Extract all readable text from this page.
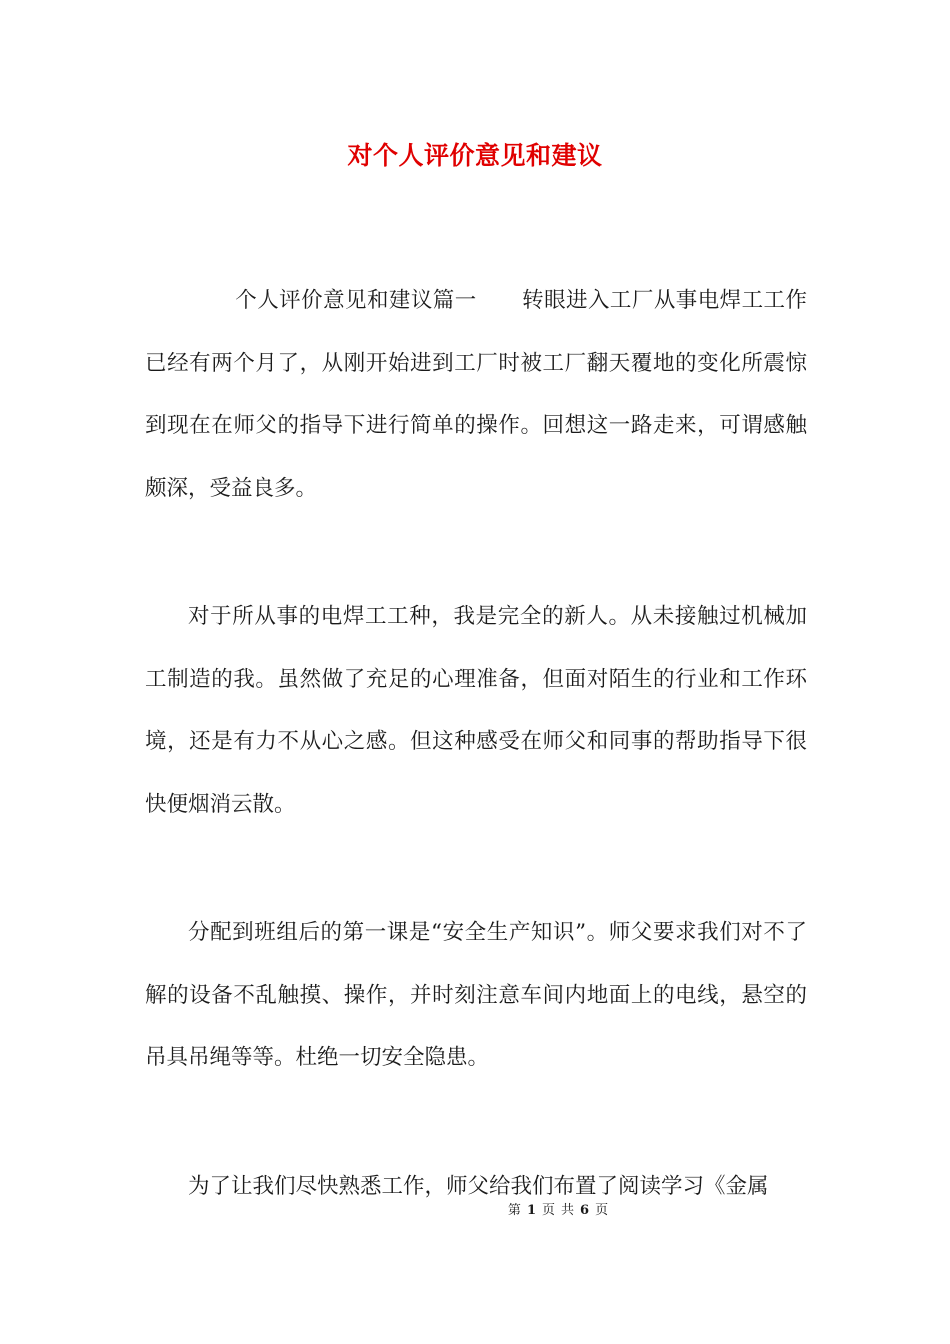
对个人评价意见和建议

个人评价意见和建议篇一 转眼进入工厂从事电焊工工作已经有两个月了，从刚开始进到工厂时被工厂翻天覆地的变化所震惊到现在在师父的指导下进行简单的操作。回想这一路走来，可谓感触颇深，受益良多。

对于所从事的电焊工工种，我是完全的新人。从未接触过机械加工制造的我。虽然做了充足的心理准备，但面对陌生的行业和工作环境，还是有力不从心之感。但这种感受在师父和同事的帮助指导下很快便烟消云散。

分配到班组后的第一课是“安全生产知识”。师父要求我们对不了解的设备不乱触摸、操作，并时刻注意车间内地面上的电线，悬空的吊具吊绳等等。杜绝一切安全隐患。

为了让我们尽快熟悉工作，师父给我们布置了阅读学习《金属

第 1 页 共 6 页
